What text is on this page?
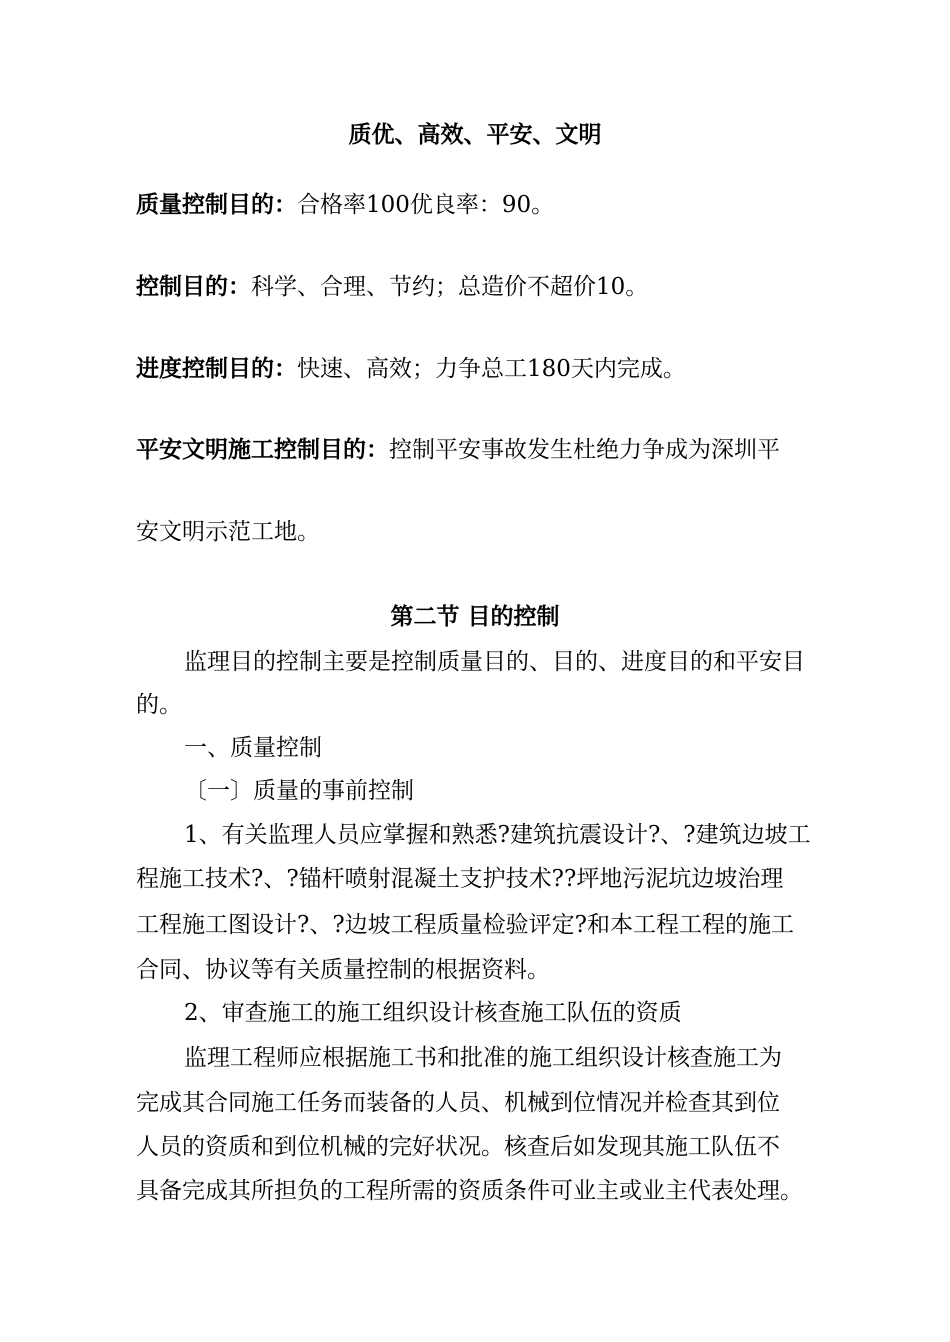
质优、高效、平安、文明
质量控制目的：合格率100优良率：90。
控制目的：科学、合理、节约；总造价不超价10。
进度控制目的：快速、高效；力争总工180天内完成。
平安文明施工控制目的：控制平安事故发生杜绝力争成为深圳平
安文明示范工地。
第二节 目的控制
监理目的控制主要是控制质量目的、目的、进度目的和平安目
的。
一、质量控制
〔一〕质量的事前控制
1、有关监理人员应掌握和熟悉?建筑抗震设计?、?建筑边坡工
程施工技术?、?锚杆喷射混凝土支护技术??坪地污泥坑边坡治理
工程施工图设计?、?边坡工程质量检验评定?和本工程工程的施工
合同、协议等有关质量控制的根据资料。
2、审查施工的施工组织设计核查施工队伍的资质
监理工程师应根据施工书和批准的施工组织设计核查施工为
完成其合同施工任务而装备的人员、机械到位情况并检查其到位
人员的资质和到位机械的完好状况。核查后如发现其施工队伍不
具备完成其所担负的工程所需的资质条件可业主或业主代表处理。
